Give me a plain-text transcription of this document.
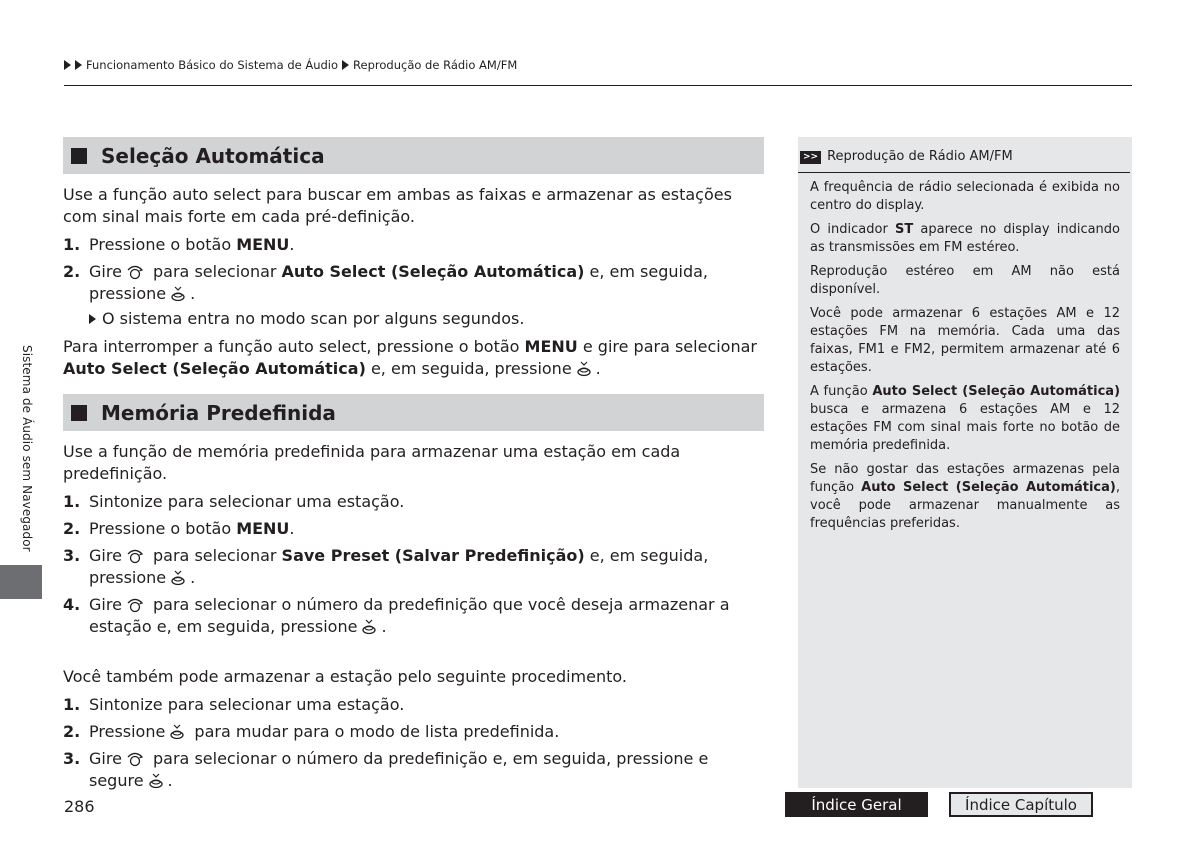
Funcionamento Básico do Sistema de Áudio Reprodução de Rádio AM/FM
Sistema de Áudio sem Navegador
Seleção Automática

Use a função auto select para buscar em ambas as faixas e armazenar as estações com sinal mais forte em cada pré-definição.

1. Pressione o botão MENU.
2. Gire para selecionar Auto Select (Seleção Automática) e, em seguida, pressione .
O sistema entra no modo scan por alguns segundos.

Para interromper a função auto select, pressione o botão MENU e gire para selecionar Auto Select (Seleção Automática) e, em seguida, pressione .

Memória Predefinida

Use a função de memória predefinida para armazenar uma estação em cada predefinição.

1. Sintonize para selecionar uma estação.
2. Pressione o botão MENU.
3. Gire para selecionar Save Preset (Salvar Predefinição) e, em seguida, pressione .
4. Gire para selecionar o número da predefinição que você deseja armazenar a estação e, em seguida, pressione .

Você também pode armazenar a estação pelo seguinte procedimento.

1. Sintonize para selecionar uma estação.
2. Pressione para mudar para o modo de lista predefinida.
3. Gire para selecionar o número da predefinição e, em seguida, pressione e segure .
>> Reprodução de Rádio AM/FM

A frequência de rádio selecionada é exibida no centro do display.

O indicador ST aparece no display indicando as transmissões em FM estéreo.

Reprodução estéreo em AM não está disponível.

Você pode armazenar 6 estações AM e 12 estações FM na memória. Cada uma das faixas, FM1 e FM2, permitem armazenar até 6 estações.

A função Auto Select (Seleção Automática) busca e armazena 6 estações AM e 12 estações FM com sinal mais forte no botão de memória predefinida.

Se não gostar das estações armazenas pela função Auto Select (Seleção Automática), você pode armazenar manualmente as frequências preferidas.

286	Índice Geral	Índice Capítulo
